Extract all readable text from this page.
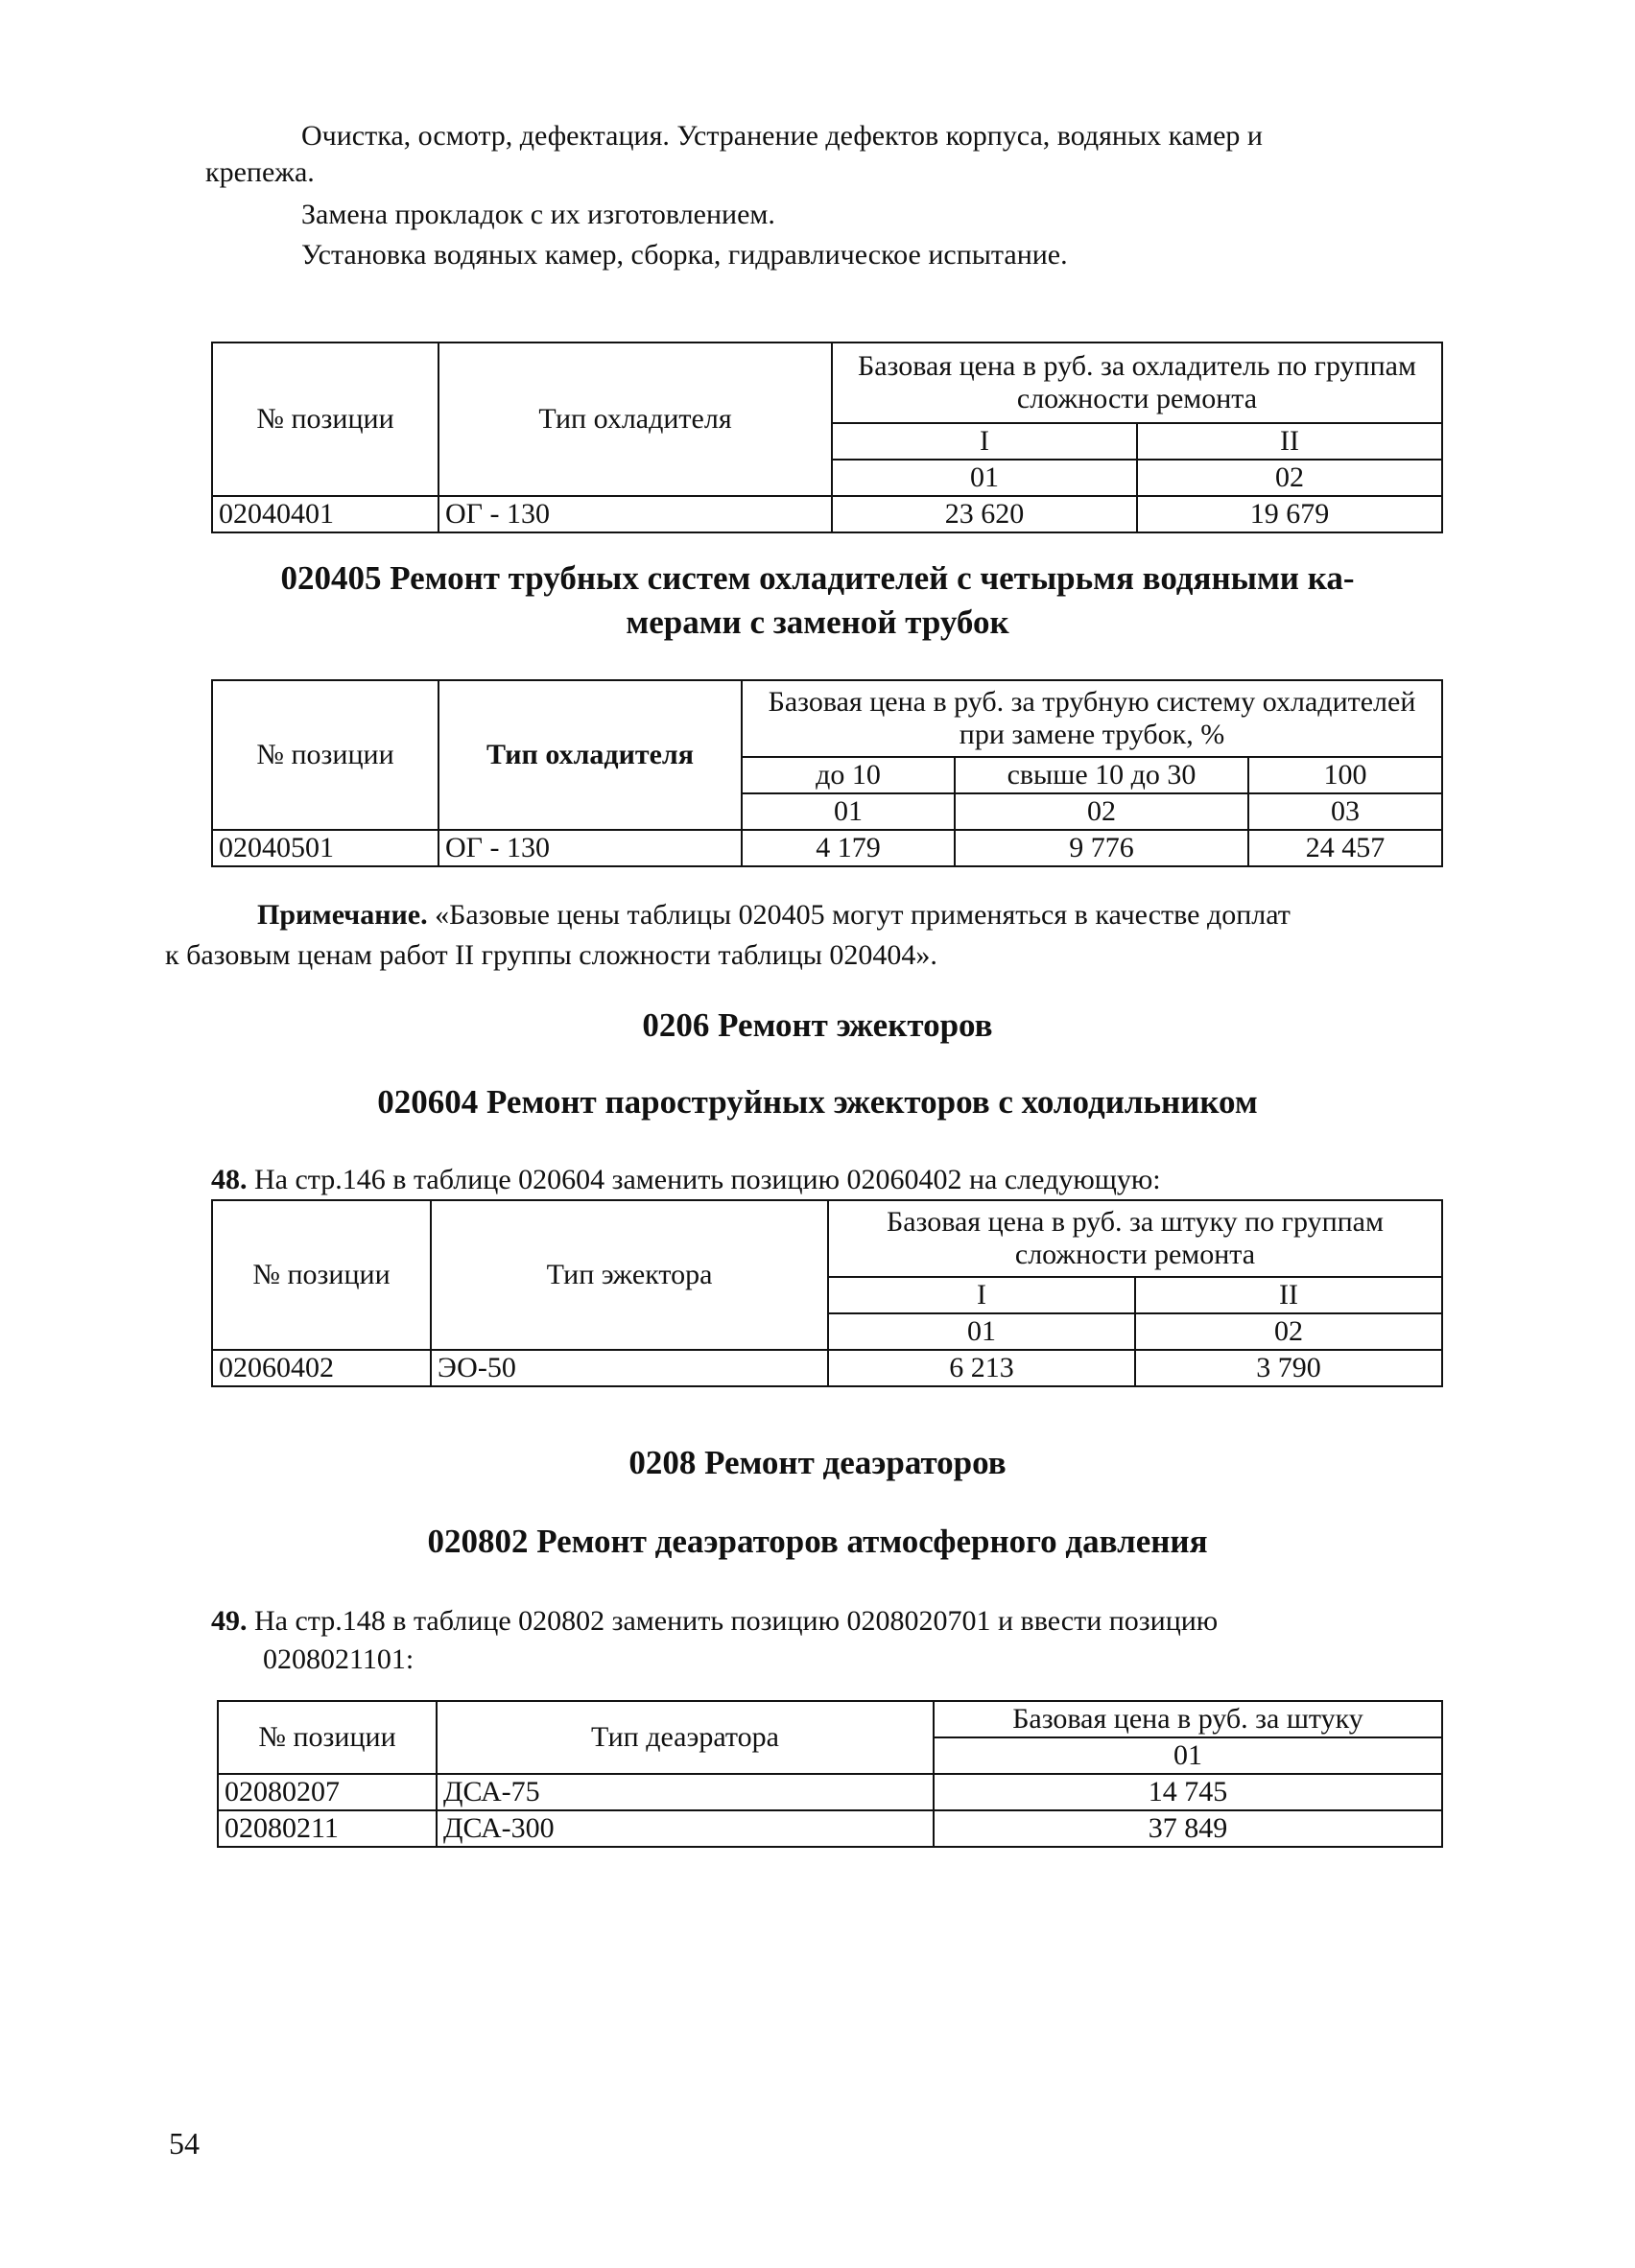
Очистка, осмотр, дефектация. Устранение дефектов корпуса, водяных камер и

крепежа.

Замена прокладок с их изготовлением.

Установка водяных камер, сборка, гидравлическое испытание.

№ позиции	Тип охладителя	Базовая цена в руб. за охладитель по группам сложности ремонта	
		I	II
		01	02
02040401	ОГ - 130	23 620	19 679

020405 Ремонт трубных систем охладителей с четырьмя водяными ка-

мерами с заменой трубок

№ позиции	Тип охладителя	Базовая цена в руб. за трубную систему охладителей при замене трубок, %		
		до 10	свыше 10 до 30	100
		01	02	03
02040501	ОГ - 130	4 179	9 776	24 457

Примечание. «Базовые цены таблицы 020405 могут применяться в качестве доплат

к базовым ценам работ II группы сложности таблицы 020404».

0206 Ремонт эжекторов

020604 Ремонт пароструйных эжекторов с холодильником

48. На стр.146 в таблице 020604 заменить позицию 02060402 на следующую:

№ позиции	Тип эжектора	Базовая цена в руб. за штуку по группам сложности ремонта	
		I	II
		01	02
02060402	ЭО-50	6 213	3 790

0208 Ремонт деаэраторов

020802 Ремонт деаэраторов атмосферного давления

49. На стр.148 в таблице 020802 заменить позицию 0208020701 и ввести позицию

0208021101:

№ позиции	Тип деаэратора	Базовая цена в руб. за штуку
		01
02080207	ДСА-75	14 745
02080211	ДСА-300	37 849
54
